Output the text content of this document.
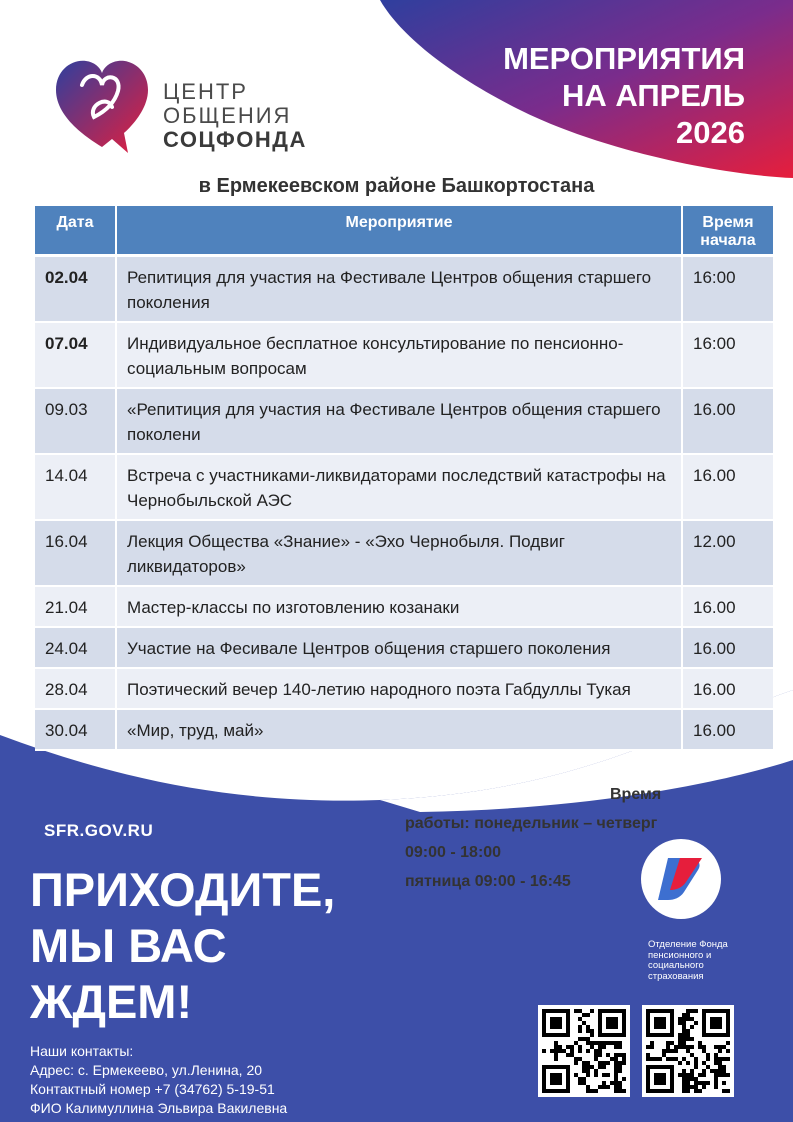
ЦЕНТР
ОБЩЕНИЯ
СОЦФОНДА
МЕРОПРИЯТИЯ
НА АПРЕЛЬ
2026
в Ермекеевском районе Башкортостана
Дата	Мероприятие	Время начала
02.04	Репитиция для участия на Фестивале Центров общения старшего поколения	16:00
07.04	Индивидуальное бесплатное консультирование по пенсионно-социальным вопросам	16:00
09.03	«Репитиция для участия на Фестивале Центров общения старшего поколени	16.00
14.04	Встреча с участниками-ликвидаторами последствий катастрофы на Чернобыльской АЭС	16.00
16.04	Лекция Общества «Знание» - «Эхо Чернобыля. Подвиг ликвидаторов»	12.00
21.04	Мастер-классы по изготовлению козанаки	16.00
24.04	Участие на Фесивале Центров общения старшего поколения	16.00
28.04	Поэтический вечер 140-летию народного поэта Габдуллы Тукая	16.00
30.04	«Мир, труд, май»	16.00
Время
работы: понедельник – четверг
09:00 - 18:00
пятница 09:00 - 16:45
SFR.GOV.RU
ПРИХОДИТЕ,
МЫ ВАС
ЖДЕМ!
Отделение Фонда пенсионного и социального страхования
Наши контакты:
Адрес: с. Ермекеево, ул.Ленина, 20
Контактный номер +7 (34762) 5-19-51
ФИО Калимуллина Эльвира Вакилевна
